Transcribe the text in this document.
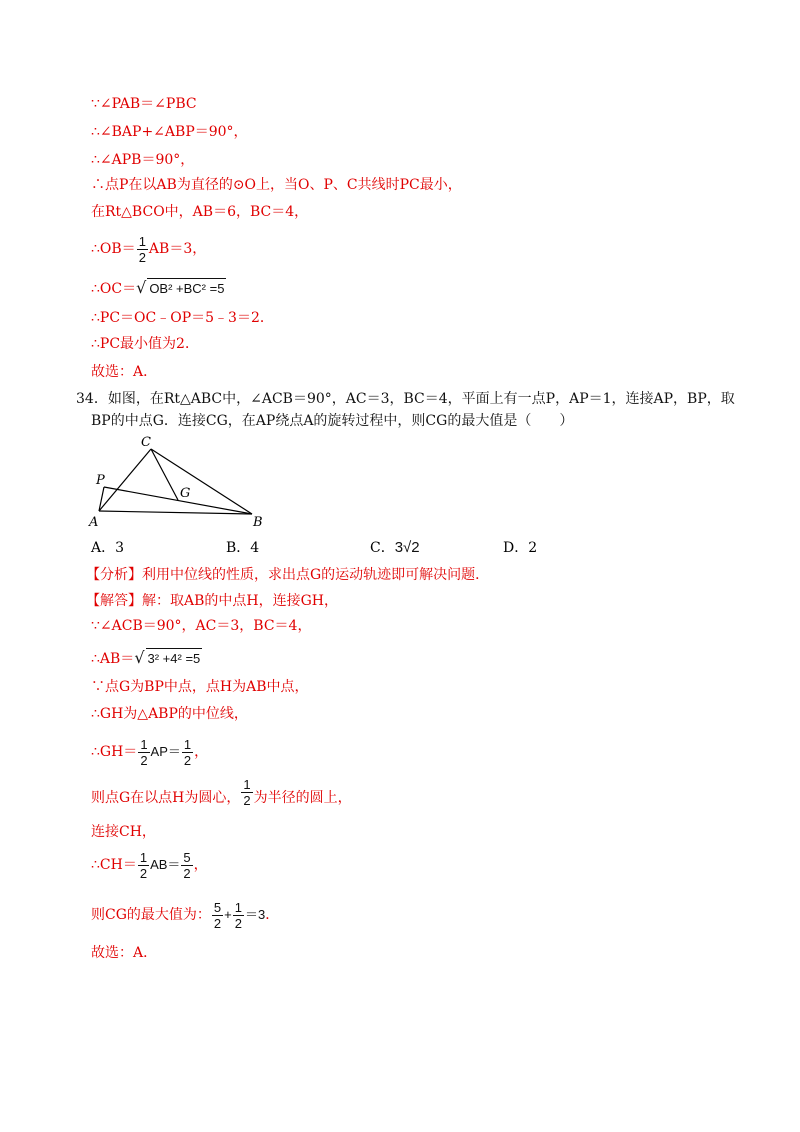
∵∠PAB＝∠PBC
∴∠BAP+∠ABP＝90°，
∴∠APB＝90°，
∴点P在以AB为直径的⊙O上，当O、P、C共线时PC最小，
在Rt△BCO中，AB＝6，BC＝4，
∴OB＝ $\frac{1}{2} AB=3$，
∴OC＝√ OB² +BC² =5
∴PC＝OC﹣OP＝5﹣3＝2．
∴PC最小值为2．
故选：A．
34．如图，在Rt△ABC中，∠ACB＝90°，AC＝3，BC＝4，平面上有一点P，AP＝1，连接AP，BP，取
BP的中点G．连接CG，在AP绕点A的旋转过程中，则CG的最大值是（　　）
C
P
G
A	B
A．3	B．4	C．3√2	D．2
【分析】利用中位线的性质，求出点G的运动轨迹即可解决问题．
【解答】解：取AB的中点H，连接GH，
∵∠ACB＝90°，AC＝3，BC＝4，
∴AB＝√ 3² +4² =5
∵点G为BP中点，点H为AB中点，
∴GH为△ABP的中位线，
∴GH＝ $\frac{1}{2} AP= \frac{1}{2}$ ，
则点G在以点H为圆心， $\frac{1}{2}$ 为半径的圆上，
连接CH，
∴CH＝ $\frac{1}{2} AB= \frac{5}{2}$ ，
则CG的最大值为： $\frac{5}{2} + \frac{1}{2} =3$．
故选：A．
